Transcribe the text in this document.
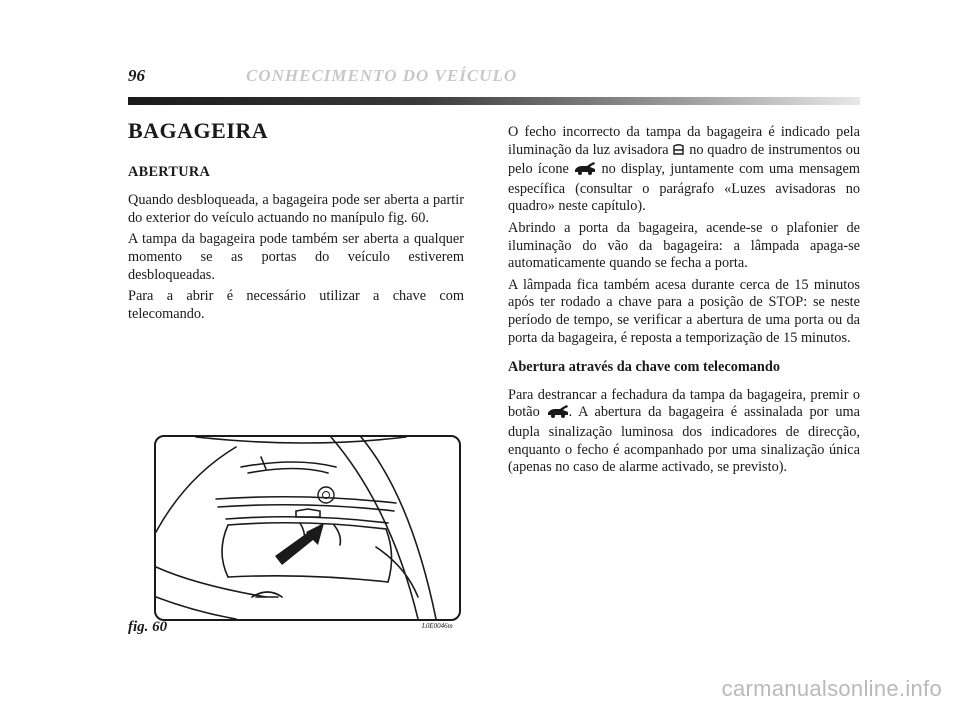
96	CONHECIMENTO DO VEÍCULO
BAGAGEIRA
ABERTURA

Quando desbloqueada, a bagageira pode ser aberta a partir do exterior do veículo actuando no manípulo fig. 60.

A tampa da bagageira pode também ser aberta a qualquer momento se as portas do veículo estiverem desbloqueadas.

Para a abrir é necessário utilizar a chave com telecomando.

fig. 60	L0E0046m

O fecho incorrecto da tampa da bagageira é indicado pela iluminação da luz avisadora no quadro de instrumentos ou pelo ícone no display, juntamente com uma mensagem específica (consultar o parágrafo «Luzes avisadoras no quadro» neste capítulo).

Abrindo a porta da bagageira, acende-se o plafonier de iluminação do vão da bagageira: a lâmpada apaga-se automaticamente quando se fecha a porta.

A lâmpada fica também acesa durante cerca de 15 minutos após ter rodado a chave para a posição de STOP: se neste período de tempo, se verificar a abertura de uma porta ou da porta da bagageira, é reposta a temporização de 15 minutos.

Abertura através da chave com telecomando

Para destrancar a fechadura da tampa da bagageira, premir o botão . A abertura da bagageira é assinalada por uma dupla sinalização luminosa dos indicadores de direcção, enquanto o fecho é acompanhado por uma sinalização única (apenas no caso de alarme activado, se previsto).

carmanualsonline.info
